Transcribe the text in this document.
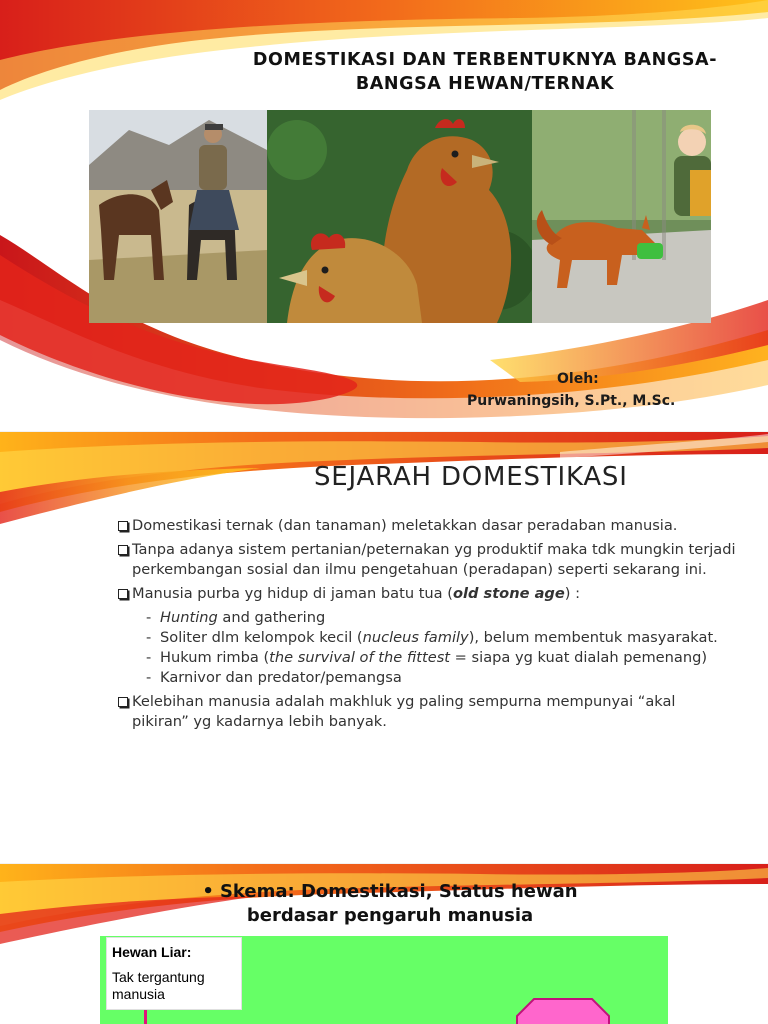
DOMESTIKASI DAN TERBENTUKNYA BANGSA-
BANGSA HEWAN/TERNAK
Oleh:
Purwaningsih, S.Pt., M.Sc.
SEJARAH DOMESTIKASI
Domestikasi ternak (dan tanaman) meletakkan dasar peradaban manusia.
Tanpa adanya sistem pertanian/peternakan yg produktif maka tdk mungkin terjadi perkembangan sosial dan ilmu pengetahuan (peradapan) seperti sekarang ini.
Manusia purba yg hidup di jaman batu tua (old stone age) :
- Hunting and gathering
- Soliter dlm kelompok kecil (nucleus family), belum membentuk masyarakat.
- Hukum rimba (the survival of the fittest = siapa yg kuat dialah pemenang)
- Karnivor dan predator/pemangsa
Kelebihan manusia adalah makhluk yg paling sempurna mempunyai “akal pikiran” yg kadarnya lebih banyak.
• Skema: Domestikasi, Status hewan berdasar pengaruh manusia
Hewan Liar:
Tak tergantung manusia
